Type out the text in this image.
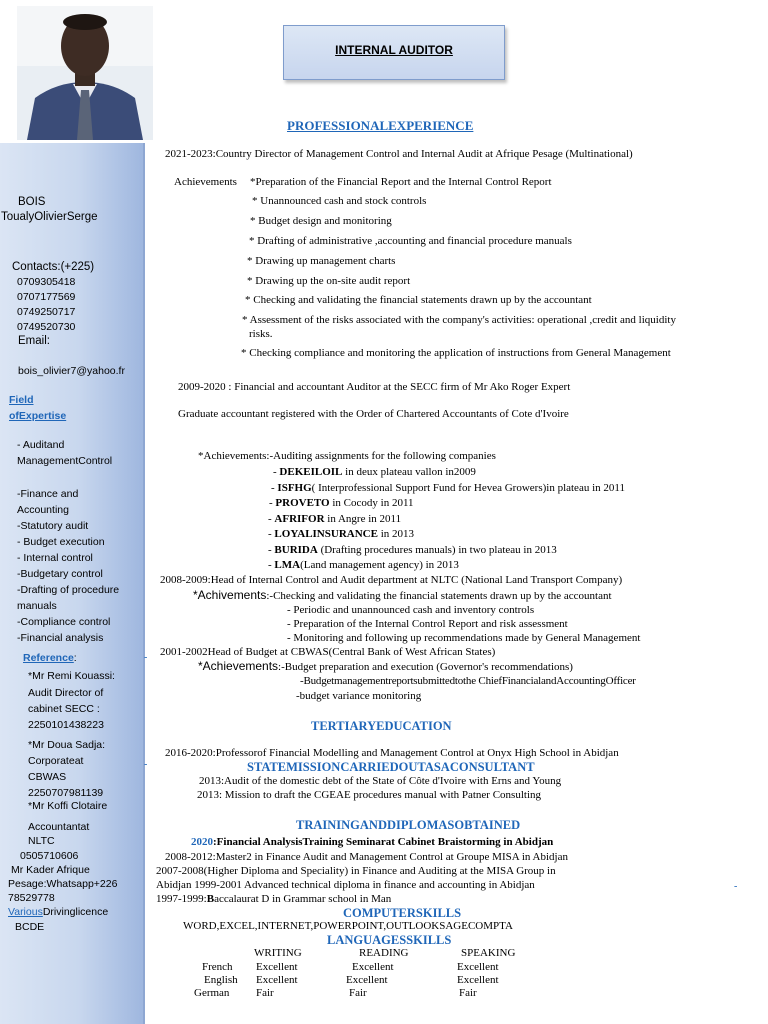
INTERNAL AUDITOR
BOIS
ToualyOlivierSerge
Contacts:(+225)
0709305418
0707177569
0749250717
0749520730
Email:
bois_olivier7@yahoo.fr
Field
ofExpertise
- Auditand
ManagementControl
-Finance and
Accounting
-Statutory audit
- Budget execution
- Internal control
-Budgetary control
-Drafting of procedure
manuals
-Compliance control
-Financial analysis
Reference:
*Mr Remi Kouassi:
Audit Director of
cabinet SECC :
2250101438223
*Mr Doua Sadja:
Corporateat
CBWAS
2250707981139
*Mr Koffi Clotaire
Accountantat
NLTC
0505710606
Mr Kader Afrique
Pesage:Whatsapp+226
78529778
VariousDrivinglicence
BCDE
PROFESSIONALEXPERIENCE
2021-2023:Country Director of Management Control and Internal Audit at Afrique Pesage (Multinational)
Achievements *Preparation of the Financial Report and the Internal Control Report
* Unannounced cash and stock controls
* Budget design and monitoring
* Drafting of administrative ,accounting and financial procedure manuals
* Drawing up management charts
* Drawing up the on-site audit report
* Checking and validating the financial statements drawn up by the accountant
* Assessment of the risks associated with the company's activities: operational ,credit and liquidity
risks.
* Checking compliance and monitoring the application of instructions from General Management
2009-2020 : Financial and accountant Auditor at the SECC firm of Mr Ako Roger Expert
Graduate accountant registered with the Order of Chartered Accountants of Cote d'Ivoire
*Achievements:-Auditing assignments for the following companies
- DEKEILOIL in deux plateau vallon in2009
- ISFHG( Interprofessional Support Fund for Hevea Growers)in plateau in 2011
- PROVETO in Cocody in 2011
- AFRIFOR in Angre in 2011
- LOYALINSURANCE in 2013
- BURIDA (Drafting procedures manuals) in two plateau in 2013
- LMA(Land management agency) in 2013
2008-2009:Head of Internal Control and Audit department at NLTC (National Land Transport Company)
*Achivements:-Checking and validating the financial statements drawn up by the accountant
- Periodic and unannounced cash and inventory controls
- Preparation of the Internal Control Report and risk assessment
- Monitoring and following up recommendations made by General Management
2001-2002Head of Budget at CBWAS(Central Bank of West African States)
*Achievements:-Budget preparation and execution (Governor's recommendations)
-Budgetmanagementreportsubmittedtothe ChiefFinancialandAccountingOfficer
-budget variance monitoring
TERTIARYEDUCATION
2016-2020:Professorof Financial Modelling and Management Control at Onyx High School in Abidjan
STATEMISSIONCARRIEDOUTASACONSULTANT
2013:Audit of the domestic debt of the State of Côte d'Ivoire with Erns and Young
2013: Mission to draft the CGEAE procedures manual with Patner Consulting
TRAININGANDDIPLOMASOBTAINED
2020:Financial AnalysisTraining Seminarat Cabinet Braistorming in Abidjan
2008-2012:Master2 in Finance Audit and Management Control at Groupe MISA in Abidjan
2007-2008(Higher Diploma and Speciality) in Finance and Auditing at the MISA Group in
Abidjan 1999-2001 Advanced technical diploma in finance and accounting in Abidjan
1997-1999:Baccalaurat D in Grammar school in Man
COMPUTERSKILLS
WORD,EXCEL,INTERNET,POWERPOINT,OUTLOOKSAGECOMPTA
LANGUAGESSKILLS
WRITING	READING	SPEAKING
French Excellent	Excellent	Excellent
English Excellent	Excellent	Excellent
German Fair	Fair	Fair
-
-
-
